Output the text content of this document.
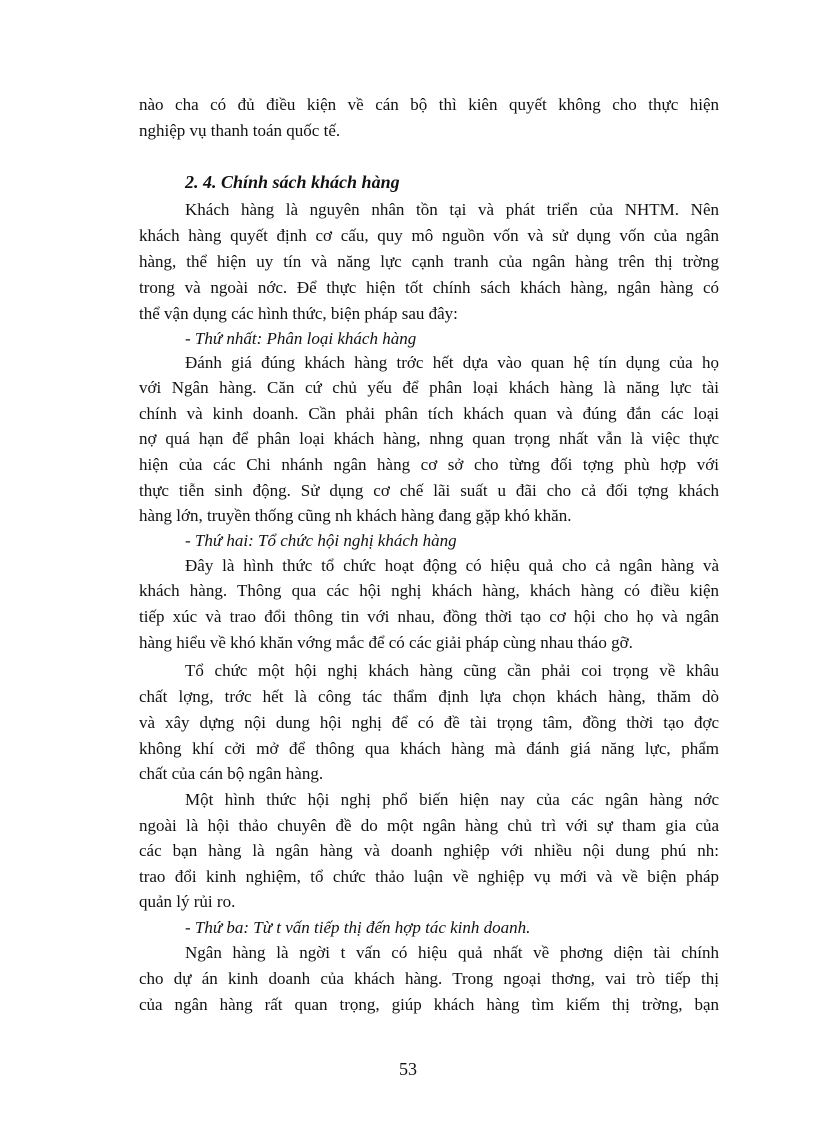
nào cha có đủ điều kiện về cán bộ thì kiên quyết không cho thực hiện
nghiệp vụ thanh toán quốc tế.
2. 4. Chính sách khách hàng
Khách hàng là nguyên nhân tồn tại và phát triển của NHTM. Nên
khách hàng quyết định cơ cấu, quy mô nguồn vốn và sử dụng vốn của ngân
hàng, thể hiện uy tín và năng lực cạnh tranh của ngân hàng trên thị trờng
trong và ngoài nớc. Để thực hiện tốt chính sách khách hàng, ngân hàng có
thể vận dụng các hình thức, biện pháp sau đây:
- Thứ nhất: Phân loại khách hàng
Đánh giá đúng khách hàng trớc hết dựa vào quan hệ tín dụng của họ
với Ngân hàng. Căn cứ chủ yếu để phân loại khách hàng là năng lực tài
chính và kinh doanh. Cần phải phân tích khách quan và đúng đắn các loại
nợ quá hạn để phân loại khách hàng, nhng quan trọng nhất vẫn là việc thực
hiện của các Chi nhánh ngân hàng cơ sở cho từng đối tợng phù hợp với
thực tiễn sinh động. Sử dụng cơ chế lãi suất u đãi cho cả đối tợng khách
hàng lớn, truyền thống cũng nh khách hàng đang gặp khó khăn.
- Thứ hai: Tổ chức hội nghị khách hàng
Đây là hình thức tổ chức hoạt động có hiệu quả cho cả ngân hàng và
khách hàng. Thông qua các hội nghị khách hàng, khách hàng có điều kiện
tiếp xúc và trao đổi thông tin với nhau, đồng thời tạo cơ hội cho họ và ngân
hàng hiểu về khó khăn vớng mắc để có các giải pháp cùng nhau tháo gỡ.
Tổ chức một hội nghị khách hàng cũng cần phải coi trọng về khâu
chất lợng, trớc hết là công tác thẩm định lựa chọn khách hàng, thăm dò
và xây dựng nội dung hội nghị để có đề tài trọng tâm, đồng thời tạo đợc
không khí cởi mở để thông qua khách hàng mà đánh giá năng lực, phẩm
chất của cán bộ ngân hàng.
Một hình thức hội nghị phổ biến hiện nay của các ngân hàng nớc
ngoài là hội thảo chuyên đề do một ngân hàng chủ trì với sự tham gia của
các bạn hàng là ngân hàng và doanh nghiệp với nhiều nội dung phú nh:
trao đổi kinh nghiệm, tổ chức thảo luận về nghiệp vụ mới và về biện pháp
quản lý rủi ro.
- Thứ ba: Từ t vấn tiếp thị đến hợp tác kinh doanh.
Ngân hàng là ngời t vấn có hiệu quả nhất về phơng diện tài chính
cho dự án kinh doanh của khách hàng. Trong ngoại thơng, vai trò tiếp thị
của ngân hàng rất quan trọng, giúp khách hàng tìm kiếm thị trờng, bạn
53
